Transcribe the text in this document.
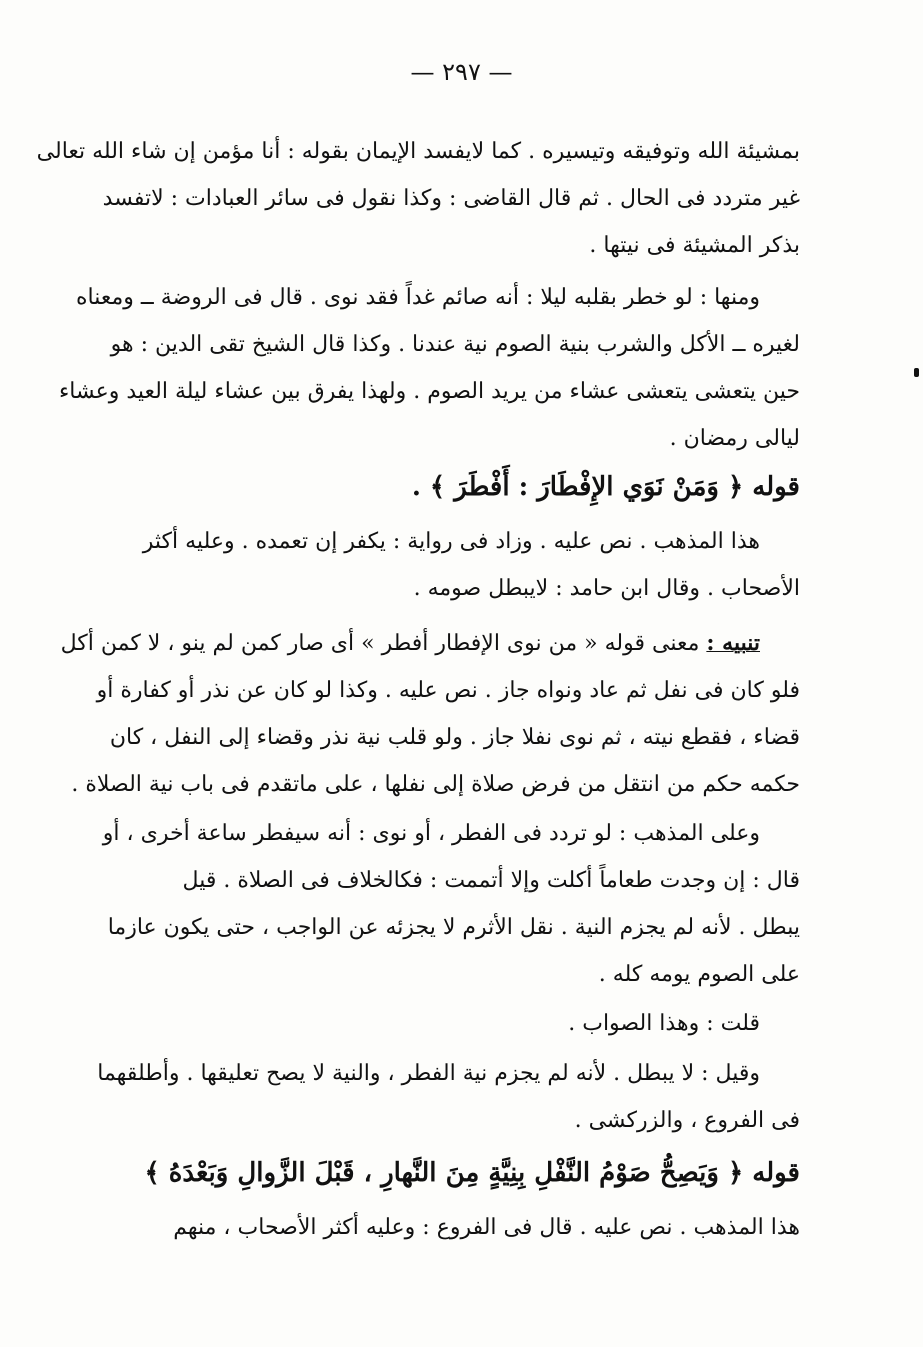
— ٢٩٧ —
بمشيئة الله وتوفيقه وتيسيره . كما لايفسد الإيمان بقوله : أنا مؤمن إن شاء الله تعالى
غير متردد فى الحال . ثم قال القاضى : وكذا نقول فى سائر العبادات : لاتفسد
بذكر المشيئة فى نيتها .
ومنها : لو خطر بقلبه ليلا : أنه صائم غداً فقد نوى . قال فى الروضة ــ ومعناه
لغيره ــ الأكل والشرب بنية الصوم نية عندنا . وكذا قال الشيخ تقى الدين : هو
حين يتعشى يتعشى عشاء من يريد الصوم . ولهذا يفرق بين عشاء ليلة العيد وعشاء
ليالى رمضان .
قوله ﴿ وَمَنْ نَوَي الإِفْطَارَ : أَفْطَرَ ﴾ .
هذا المذهب . نص عليه . وزاد فى رواية : يكفر إن تعمده . وعليه أكثر
الأصحاب . وقال ابن حامد : لايبطل صومه .
تنبيه : معنى قوله « من نوى الإفطار أفطر » أى صار كمن لم ينو ، لا كمن أكل
فلو كان فى نفل ثم عاد ونواه جاز . نص عليه . وكذا لو كان عن نذر أو كفارة أو
قضاء ، فقطع نيته ، ثم نوى نفلا جاز . ولو قلب نية نذر وقضاء إلى النفل ، كان
حكمه حكم من انتقل من فرض صلاة إلى نفلها ، على ماتقدم فى باب نية الصلاة .
وعلى المذهب : لو تردد فى الفطر ، أو نوى : أنه سيفطر ساعة أخرى ، أو
قال : إن وجدت طعاماً أكلت وإلا أتممت : فكالخلاف فى الصلاة . قيل
يبطل . لأنه لم يجزم النية . نقل الأثرم لا يجزئه عن الواجب ، حتى يكون عازما
على الصوم يومه كله .
قلت : وهذا الصواب .
وقيل : لا يبطل . لأنه لم يجزم نية الفطر ، والنية لا يصح تعليقها . وأطلقهما
فى الفروع ، والزركشى .
قوله ﴿ وَيَصِحُّ صَوْمُ النَّفْلِ بِنِيَّةٍ مِنَ النَّهارِ ، قَبْلَ الزَّوالِ وَبَعْدَهُ ﴾
هذا المذهب . نص عليه . قال فى الفروع : وعليه أكثر الأصحاب ، منهم
